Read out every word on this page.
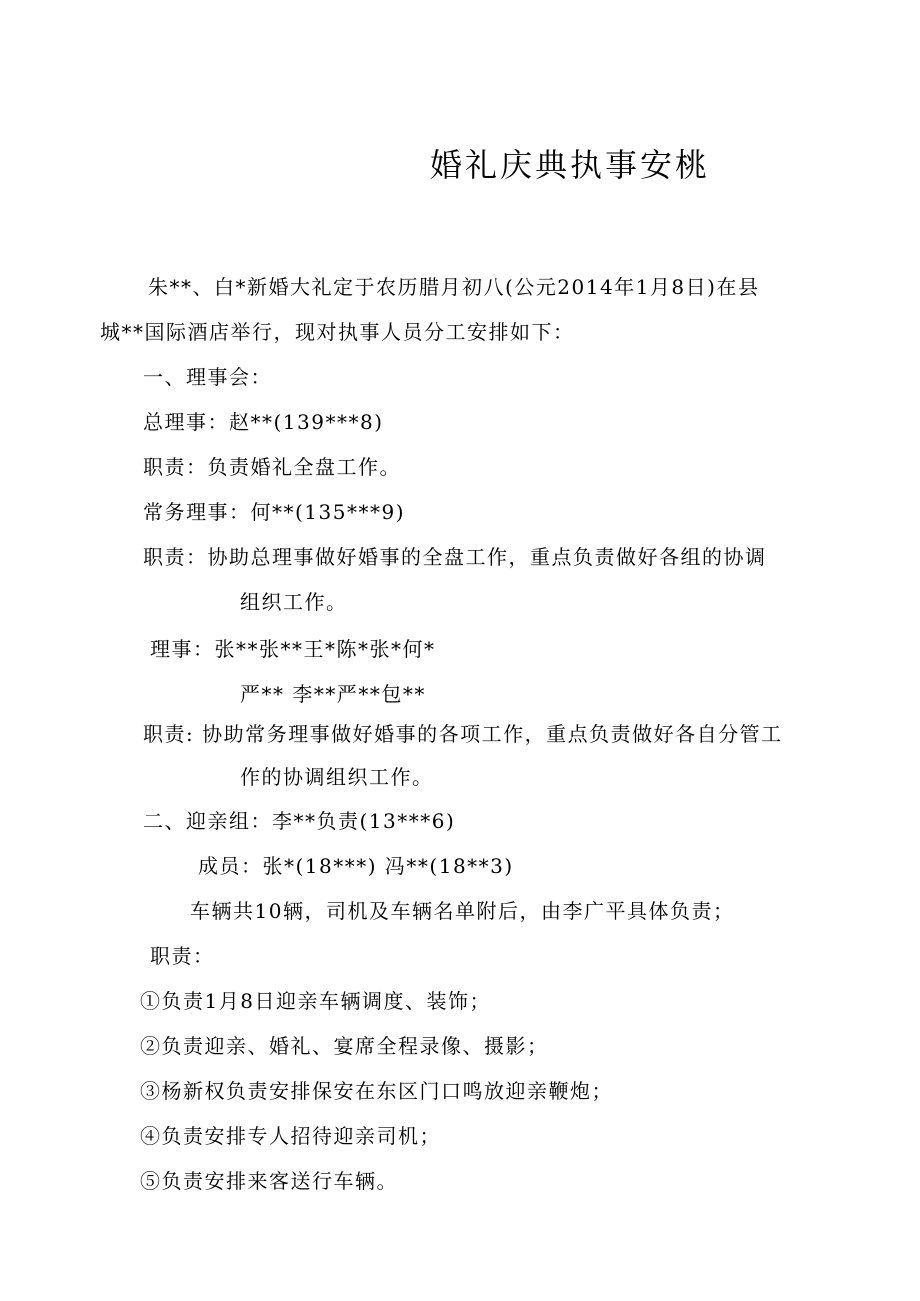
婚礼庆典执事安桃
朱**、白*新婚大礼定于农历腊月初八(公元2014年1月8日)在县
城**国际酒店举行，现对执事人员分工安排如下：
一、理事会：
总理事：赵**(139***8)
职责：负责婚礼全盘工作。
常务理事：何**(135***9)
职责：协助总理事做好婚事的全盘工作，重点负责做好各组的协调
组织工作。
理事：张**张**王*陈*张*何*
严** 李**严**包**
职责: 协助常务理事做好婚事的各项工作，重点负责做好各自分管工
作的协调组织工作。
二、迎亲组：李**负责(13***6)
成员：张*(18***) 冯**(18**3)
车辆共10辆，司机及车辆名单附后，由李广平具体负责；
职责：
①负责1月8日迎亲车辆调度、装饰；
②负责迎亲、婚礼、宴席全程录像、摄影；
③杨新权负责安排保安在东区门口鸣放迎亲鞭炮；
④负责安排专人招待迎亲司机；
⑤负责安排来客送行车辆。
